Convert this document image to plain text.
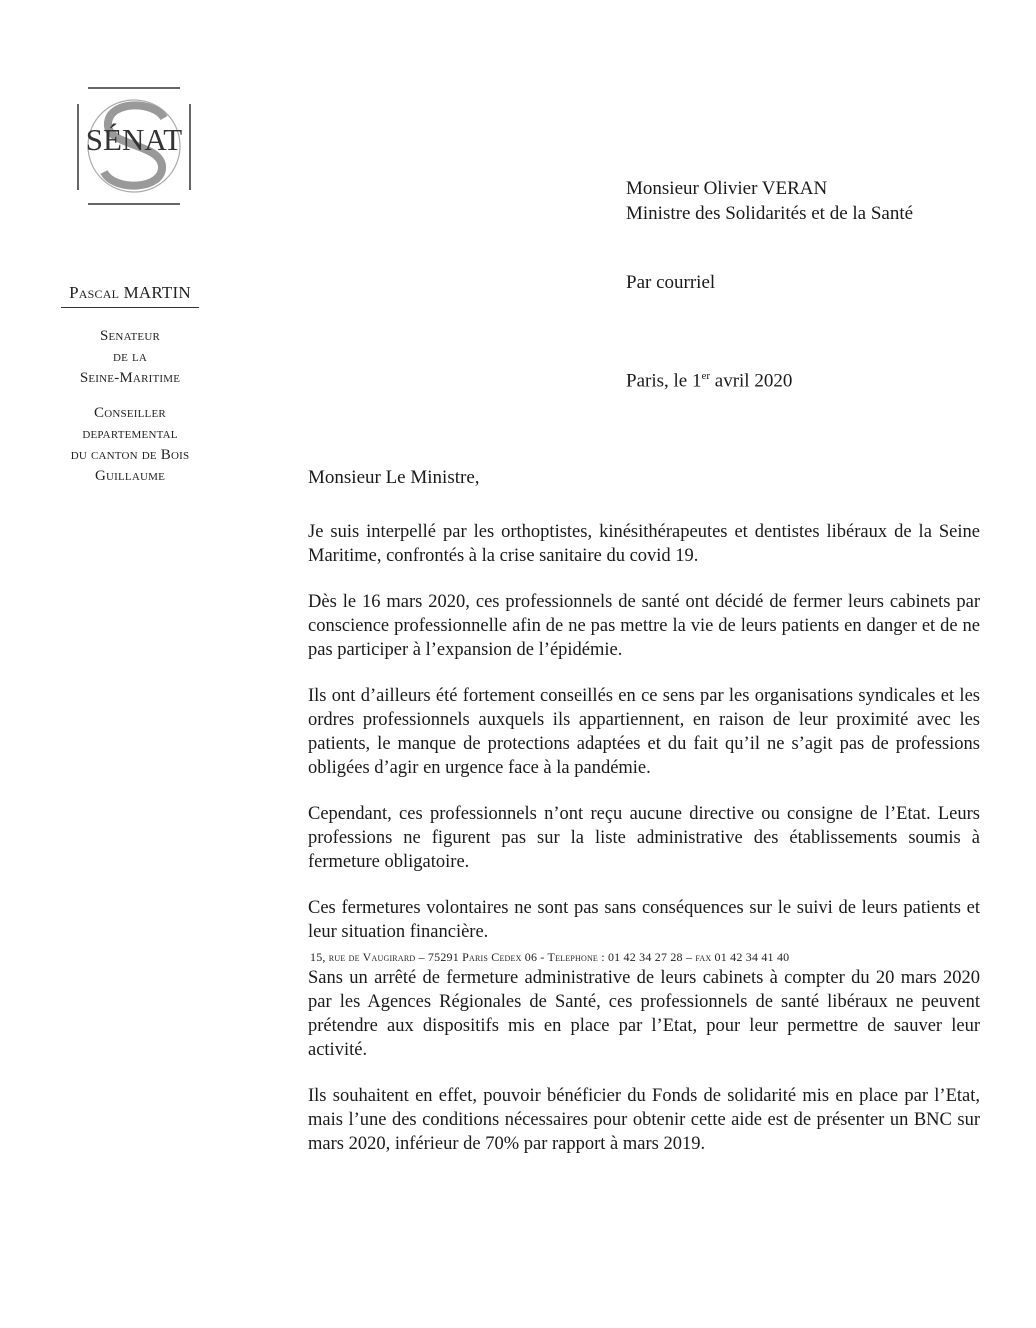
SÉNAT
Pascal MARTIN
Senateur
de la
Seine-Maritime
Conseiller
departemental
du canton de Bois
Guillaume
Monsieur Olivier VERAN
Ministre des Solidarités et de la Santé
Par courriel
Paris, le 1er avril 2020
Monsieur Le Ministre,

Je suis interpellé par les orthoptistes, kinésithérapeutes et dentistes libéraux de la Seine Maritime, confrontés à la crise sanitaire du covid 19.

Dès le 16 mars 2020, ces professionnels de santé ont décidé de fermer leurs cabinets par conscience professionnelle afin de ne pas mettre la vie de leurs patients en danger et de ne pas participer à l’expansion de l’épidémie.

Ils ont d’ailleurs été fortement conseillés en ce sens par les organisations syndicales et les ordres professionnels auxquels ils appartiennent, en raison de leur proximité avec les patients, le manque de protections adaptées et du fait qu’il ne s’agit pas de professions obligées d’agir en urgence face à la pandémie.

Cependant, ces professionnels n’ont reçu aucune directive ou consigne de l’Etat. Leurs professions ne figurent pas sur la liste administrative des établissements soumis à fermeture obligatoire.

Ces fermetures volontaires ne sont pas sans conséquences sur le suivi de leurs patients et leur situation financière.

Sans un arrêté de fermeture administrative de leurs cabinets à compter du 20 mars 2020 par les Agences Régionales de Santé, ces professionnels de santé libéraux ne peuvent prétendre aux dispositifs mis en place par l’Etat, pour leur permettre de sauver leur activité.

Ils souhaitent en effet, pouvoir bénéficier du Fonds de solidarité mis en place par l’Etat, mais l’une des conditions nécessaires pour obtenir cette aide est de présenter un BNC sur mars 2020, inférieur de 70% par rapport à mars 2019.

15, rue de Vaugirard – 75291 Paris Cedex 06 - Telephone : 01 42 34 27 28 – fax 01 42 34 41 40
